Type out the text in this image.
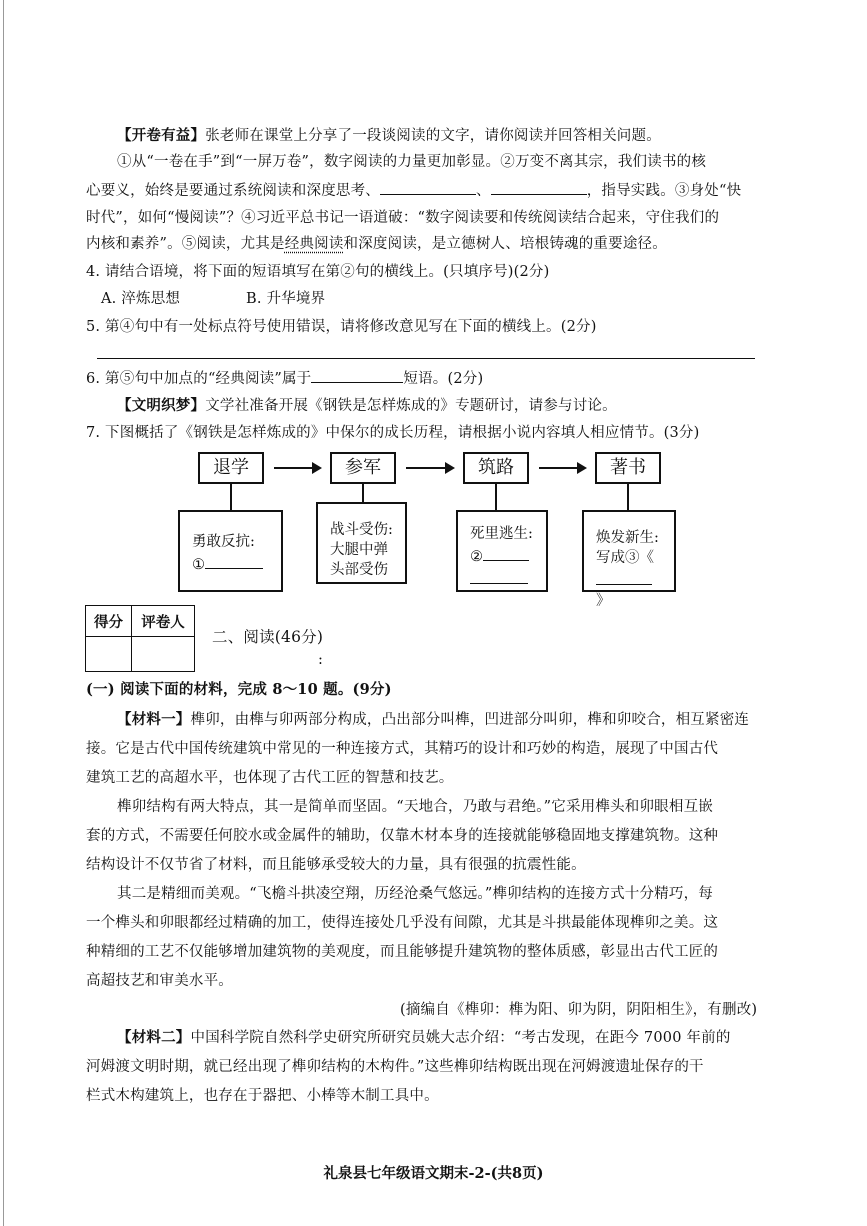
【开卷有益】张老师在课堂上分享了一段谈阅读的文字，请你阅读并回答相关问题。
①从“一卷在手”到“一屏万卷”，数字阅读的力量更加彰显。②万变不离其宗，我们读书的核
心要义，始终是要通过系统阅读和深度思考、	、	，指导实践。③身处“快
时代”，如何“慢阅读”？④习近平总书记一语道破：“数字阅读要和传统阅读结合起来，守住我们的
内核和素养”。⑤阅读，尤其是经典阅读和深度阅读，是立德树人、培根铸魂的重要途径。
4. 请结合语境，将下面的短语填写在第②句的横线上。(只填序号)(2分)
A. 淬炼思想	B. 升华境界
5. 第④句中有一处标点符号使用错误，请将修改意见写在下面的横线上。(2分)
6. 第⑤句中加点的“经典阅读”属于	短语。(2分)
【文明织梦】文学社准备开展《钢铁是怎样炼成的》专题研讨，请参与讨论。
7. 下图概括了《钢铁是怎样炼成的》中保尔的成长历程，请根据小说内容填人相应情节。(3分)
退学	参军	筑路	著书
勇敢反抗:
①
战斗受伤:
大腿中弹
头部受伤
死里逃生:
②
焕发新生:
写成③《
》
得分	评卷人

二、阅读(46分)
:
(一) 阅读下面的材料，完成 8～10 题。(9分)
【材料一】榫卯，由榫与卯两部分构成，凸出部分叫榫，凹进部分叫卯，榫和卯咬合，相互紧密连
接。它是古代中国传统建筑中常见的一种连接方式，其精巧的设计和巧妙的构造，展现了中国古代
建筑工艺的高超水平，也体现了古代工匠的智慧和技艺。
榫卯结构有两大特点，其一是简单而坚固。“天地合，乃敢与君绝。”它采用榫头和卯眼相互嵌
套的方式，不需要任何胶水或金属件的辅助，仅靠木材本身的连接就能够稳固地支撑建筑物。这种
结构设计不仅节省了材料，而且能够承受较大的力量，具有很强的抗震性能。
其二是精细而美观。“飞檐斗拱凌空翔，历经沧桑气悠远。”榫卯结构的连接方式十分精巧，每
一个榫头和卯眼都经过精确的加工，使得连接处几乎没有间隙，尤其是斗拱最能体现榫卯之美。这
种精细的工艺不仅能够增加建筑物的美观度，而且能够提升建筑物的整体质感，彰显出古代工匠的
高超技艺和审美水平。
(摘编自《榫卯：榫为阳、卯为阴，阴阳相生》，有删改)
【材料二】中国科学院自然科学史研究所研究员姚大志介绍：“考古发现，在距今 7000 年前的
河姆渡文明时期，就已经出现了榫卯结构的木构件。”这些榫卯结构既出现在河姆渡遗址保存的干
栏式木构建筑上，也存在于器把、小棒等木制工具中。
礼泉县七年级语文期末-2-(共8页)
